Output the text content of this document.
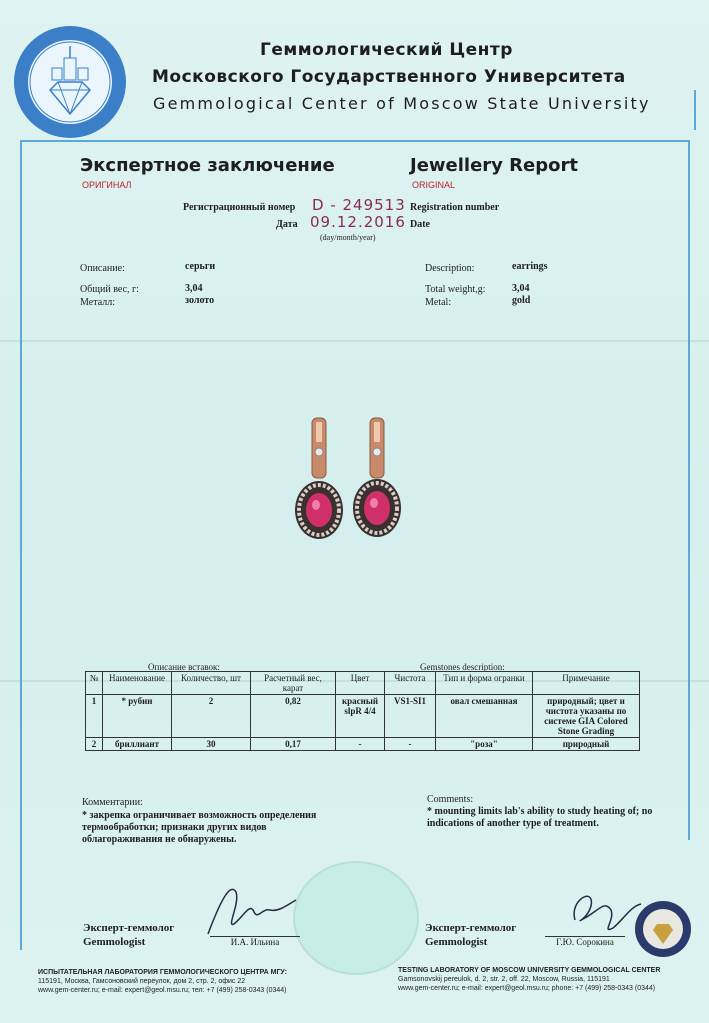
Геммологический Центр
Московского Государственного Университета
Gemmological Center of Moscow State University
Экспертное заключение
ОРИГИНАЛ
Jewellery Report
ORIGINAL
Регистрационный номер D - 249513 Registration number
Дата 09.12.2016 Date
(day/month/year)
Описание:	серьги
Общий вес, г:	3,04
Металл:	золото
Description:	earrings
Total weight,g:	3,04
Metal:	gold
Описание вставок:	Gemstones description:
№	Наименование	Количество, шт	Расчетный вес, карат	Цвет	Чистота	Тип и форма огранки	Примечание
1	* рубин	2	0,82	красный slpR 4/4	VS1-SI1	овал смешанная	природный; цвет и чистота указаны по системе GIA Colored Stone Grading
2	бриллиант	30	0,17	-	-	"роза"	природный
Комментарии:
* закрепка ограничивает возможность определения термообработки; признаки других видов облагораживания не обнаружены.
Comments:
* mounting limits lab's ability to study heating of; no indications of another type of treatment.
Эксперт-геммолог
Gemmologist	И.А. Ильина
Эксперт-геммолог
Gemmologist	Г.Ю. Сорокина
ИСПЫТАТЕЛЬНАЯ ЛАБОРАТОРИЯ ГЕММОЛОГИЧЕСКОГО ЦЕНТРА МГУ:
115191, Москва, Гамсоновский переулок, дом 2, стр. 2, офис 22
www.gem-center.ru; e-mail: expert@geol.msu.ru; тел: +7 (499) 258-0343 (0344)
TESTING LABORATORY OF MOSCOW UNIVERSITY GEMMOLOGICAL CENTER
Gamsonovskij pereulok, d. 2, str. 2, off. 22, Moscow, Russia, 115191
www.gem-center.ru; e-mail: expert@geol.msu.ru; phone: +7 (499) 258-0343 (0344)
